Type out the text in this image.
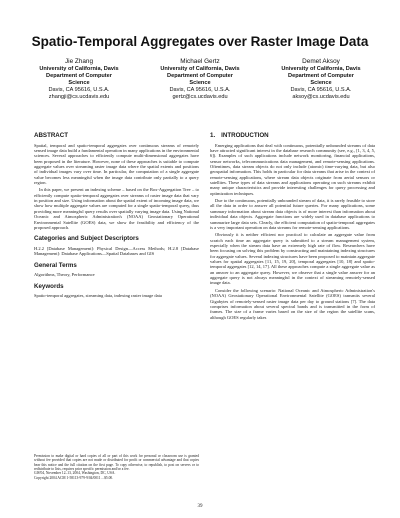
Spatio-Temporal Aggregates over Raster Image Data
Jie Zhang
University of California, Davis
Department of Computer
Science
Davis, CA 95616, U.S.A.
zhangji@cs.ucdavis.edu
Michael Gertz
University of California, Davis
Department of Computer
Science
Davis, CA 95616, U.S.A.
gertz@cs.ucdavis.edu
Demet Aksoy
University of California, Davis
Department of Computer
Science
Davis, CA 95616, U.S.A.
aksoy@cs.ucdavis.edu
ABSTRACT

Spatial, temporal and spatio-temporal aggregates over continuous streams of remotely sensed image data build a fundamental operation in many applications in the environmental sciences. Several approaches to efficiently compute multi-dimensional aggregates have been proposed in the literature. However, none of these approaches is suitable to compute aggregate values over streaming raster image data where the spatial extents and positions of individual images vary over time. In particular, the computation of a single aggregate value becomes less meaningful when the image data contribute only partially to a query region.

In this paper, we present an indexing scheme – based on the Box-Aggregation Tree – to efficiently compute spatio-temporal aggregates over streams of raster image data that vary in position and size. Using information about the spatial extent of incoming image data, we show how multiple aggregate values are computed for a single spatio-temporal query, thus providing more meaningful query results over spatially varying image data. Using National Oceanic and Atmospheric Administration's (NOAA) Geostationary Operational Environmental Satellite (GOES) data, we show the feasibility and efficiency of the proposed approach.

Categories and Subject Descriptors

H.2.2 [Database Management]: Physical Design—Access Methods; H.2.8 [Database Management]: Database Applications—Spatial Databases and GIS

General Terms

Algorithms, Theory, Performance

Keywords

Spatio-temporal aggregates, streaming data, indexing raster image data

Permission to make digital or hard copies of all or part of this work for personal or classroom use is granted without fee provided that copies are not made or distributed for profit or commercial advantage and that copies bear this notice and the full citation on the first page. To copy otherwise, to republish, to post on servers or to redistribute to lists, requires prior specific permission and/or a fee.
GIS'04, November 12–13, 2004, Washington, DC, USA.
Copyright 2004 ACM 1-58113-979-9/04/0011 ...$5.00.
1. INTRODUCTION

Emerging applications that deal with continuous, potentially unbounded streams of data have attracted significant interest in the database research community (see, e.g., [1, 3, 4, 5, 6]). Examples of such applications include network monitoring, financial applications, sensor networks, telecommunications data management, and remote-sensing applications. Oftentimes, data stream objects do not only include (atomic) time-varying data, but also geospatial information. This holds in particular for data streams that arise in the context of remote-sensing applications, where stream data objects originate from aerial sensors or satellites. These types of data streams and applications operating on such streams exhibit many unique characteristics and provide interesting challenges for query processing and optimization techniques.

Due to the continuous, potentially unbounded stream of data, it is rarely feasible to store all the data in order to answer all potential future queries. For many applications, some summary information about stream data objects is of more interest than information about individual data objects. Aggregate functions are widely used in database applications to summarize large data sets. Clearly, the efficient computation of spatio-temporal aggregates is a very important operation on data streams for remote-sensing applications.

Obviously it is neither efficient nor practical to calculate an aggregate value from scratch each time an aggregate query is submitted to a stream management system, especially when the stream data have an extremely high rate of flow. Researchers have been focusing on solving this problem by constructing and maintaining indexing structures for aggregate values. Several indexing structures have been proposed to maintain aggregate values for spatial aggregates [11, 15, 19, 20], temporal aggregates [10, 18] and spatio-temporal aggregates [12, 14, 17]. All these approaches compute a single aggregate value as an answer to an aggregate query. However, we observe that a single value answer for an aggregate query is not always meaningful in the context of streaming remotely-sensed image data.

Consider the following scenario: National Oceanic and Atmospheric Administration's (NOAA) Geostationary Operational Environmental Satellite (GOES) transmits several Gigabytes of remotely-sensed raster image data per day to ground stations [7]. The data comprises information about several spectral bands and is transmitted in the form of frames. The size of a frame varies based on the size of the region the satellite scans, although GOES regularly takes

39
